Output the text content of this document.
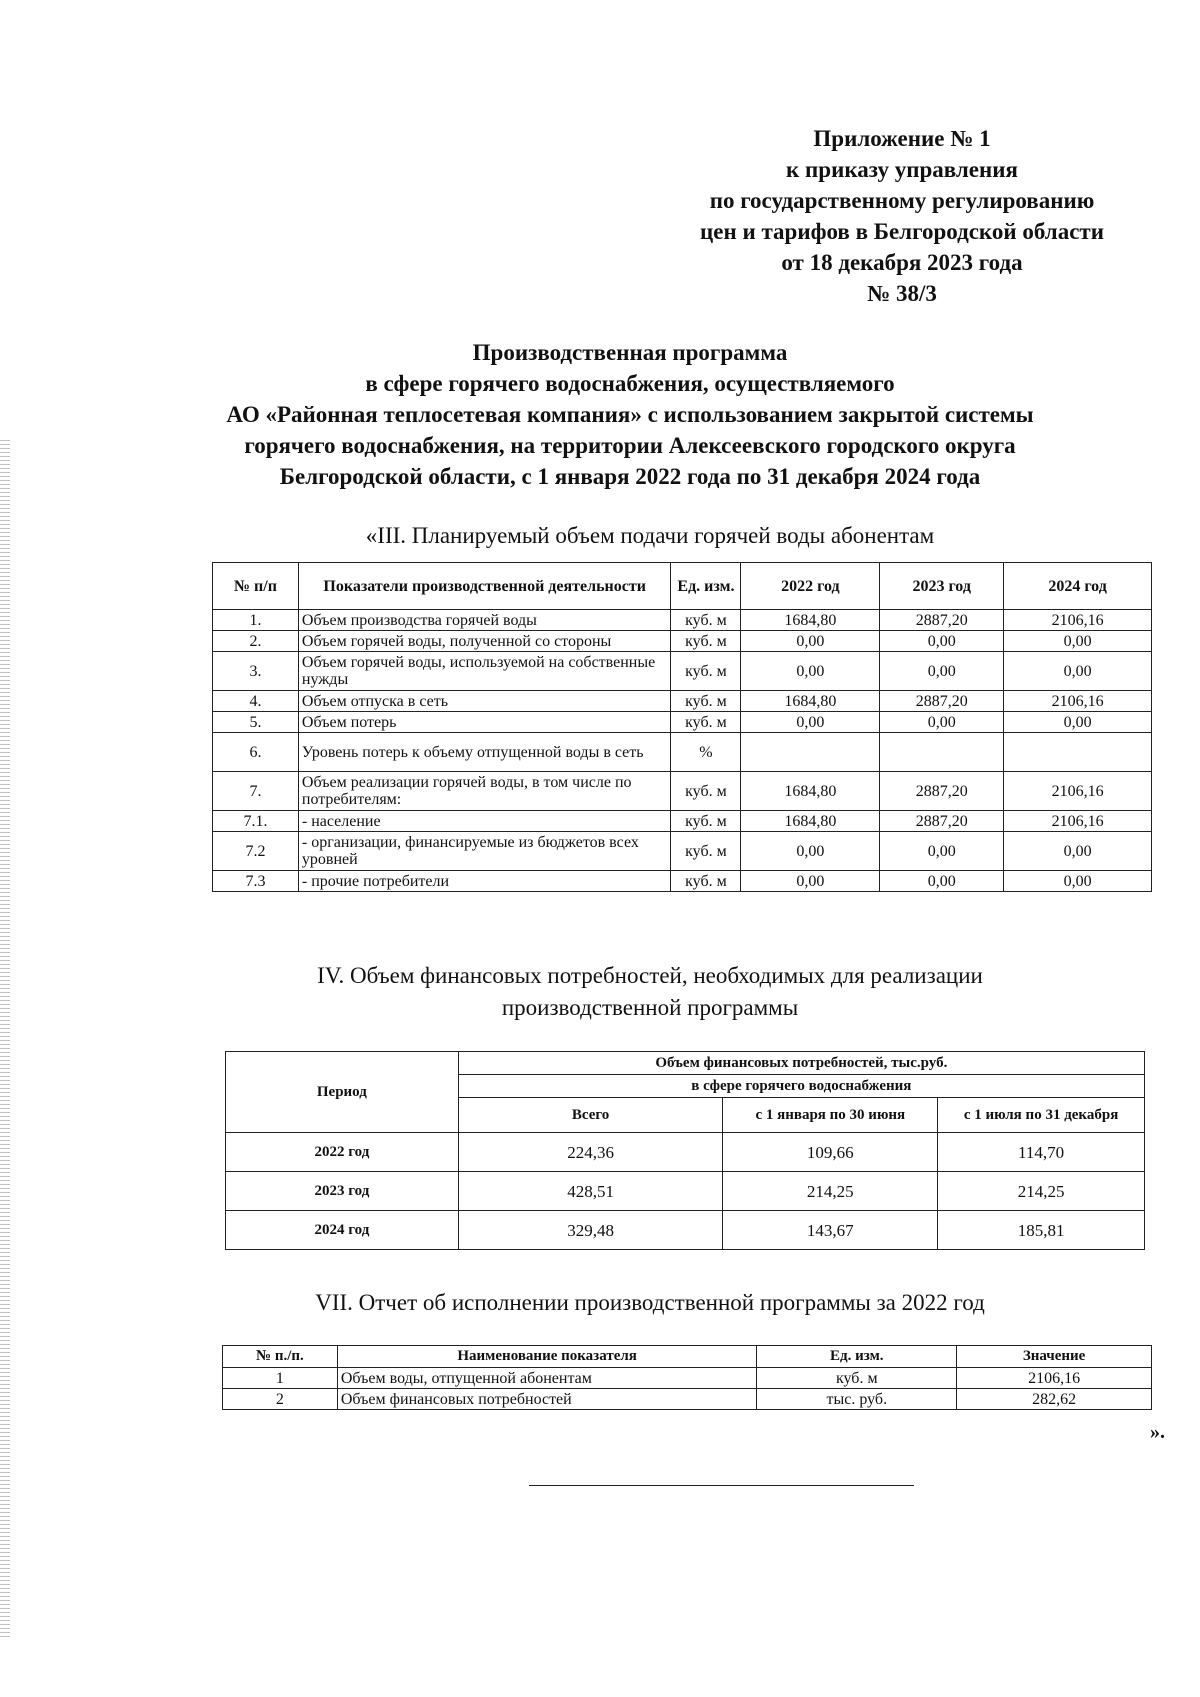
Приложение № 1
к приказу управления
по государственному регулированию
цен и тарифов в Белгородской области
от 18 декабря 2023 года
№ 38/3
Производственная программа
в сфере горячего водоснабжения, осуществляемого
АО «Районная теплосетевая компания» с использованием закрытой системы
горячего водоснабжения, на территории Алексеевского городского округа
Белгородской области, с 1 января 2022 года по 31 декабря 2024 года
«III. Планируемый объем подачи горячей воды абонентам
№ п/п	Показатели производственной деятельности	Ед. изм.	2022 год	2023 год	2024 год
1.	Объем производства горячей воды	куб. м	1684,80	2887,20	2106,16
2.	Объем горячей воды, полученной со стороны	куб. м	0,00	0,00	0,00
3.	Объем горячей воды, используемой на собственные нужды	куб. м	0,00	0,00	0,00
4.	Объем отпуска в сеть	куб. м	1684,80	2887,20	2106,16
5.	Объем потерь	куб. м	0,00	0,00	0,00
6.	Уровень потерь к объему отпущенной воды в сеть	%			
7.	Объем реализации горячей воды, в том числе по потребителям:	куб. м	1684,80	2887,20	2106,16
7.1.	- население	куб. м	1684,80	2887,20	2106,16
7.2	- организации, финансируемые из бюджетов всех уровней	куб. м	0,00	0,00	0,00
7.3	- прочие потребители	куб. м	0,00	0,00	0,00
IV. Объем финансовых потребностей, необходимых для реализации
производственной программы
Период	Объем финансовых потребностей, тыс.руб.		
	в сфере горячего водоснабжения		
	Всего	с 1 января по 30 июня	с 1 июля по 31 декабря
2022 год	224,36	109,66	114,70
2023 год	428,51	214,25	214,25
2024 год	329,48	143,67	185,81
VII. Отчет об исполнении производственной программы за 2022 год
№ п./п.	Наименование показателя	Ед. изм.	Значение
1	Объем воды, отпущенной абонентам	куб. м	2106,16
2	Объем финансовых потребностей	тыс. руб.	282,62
».
